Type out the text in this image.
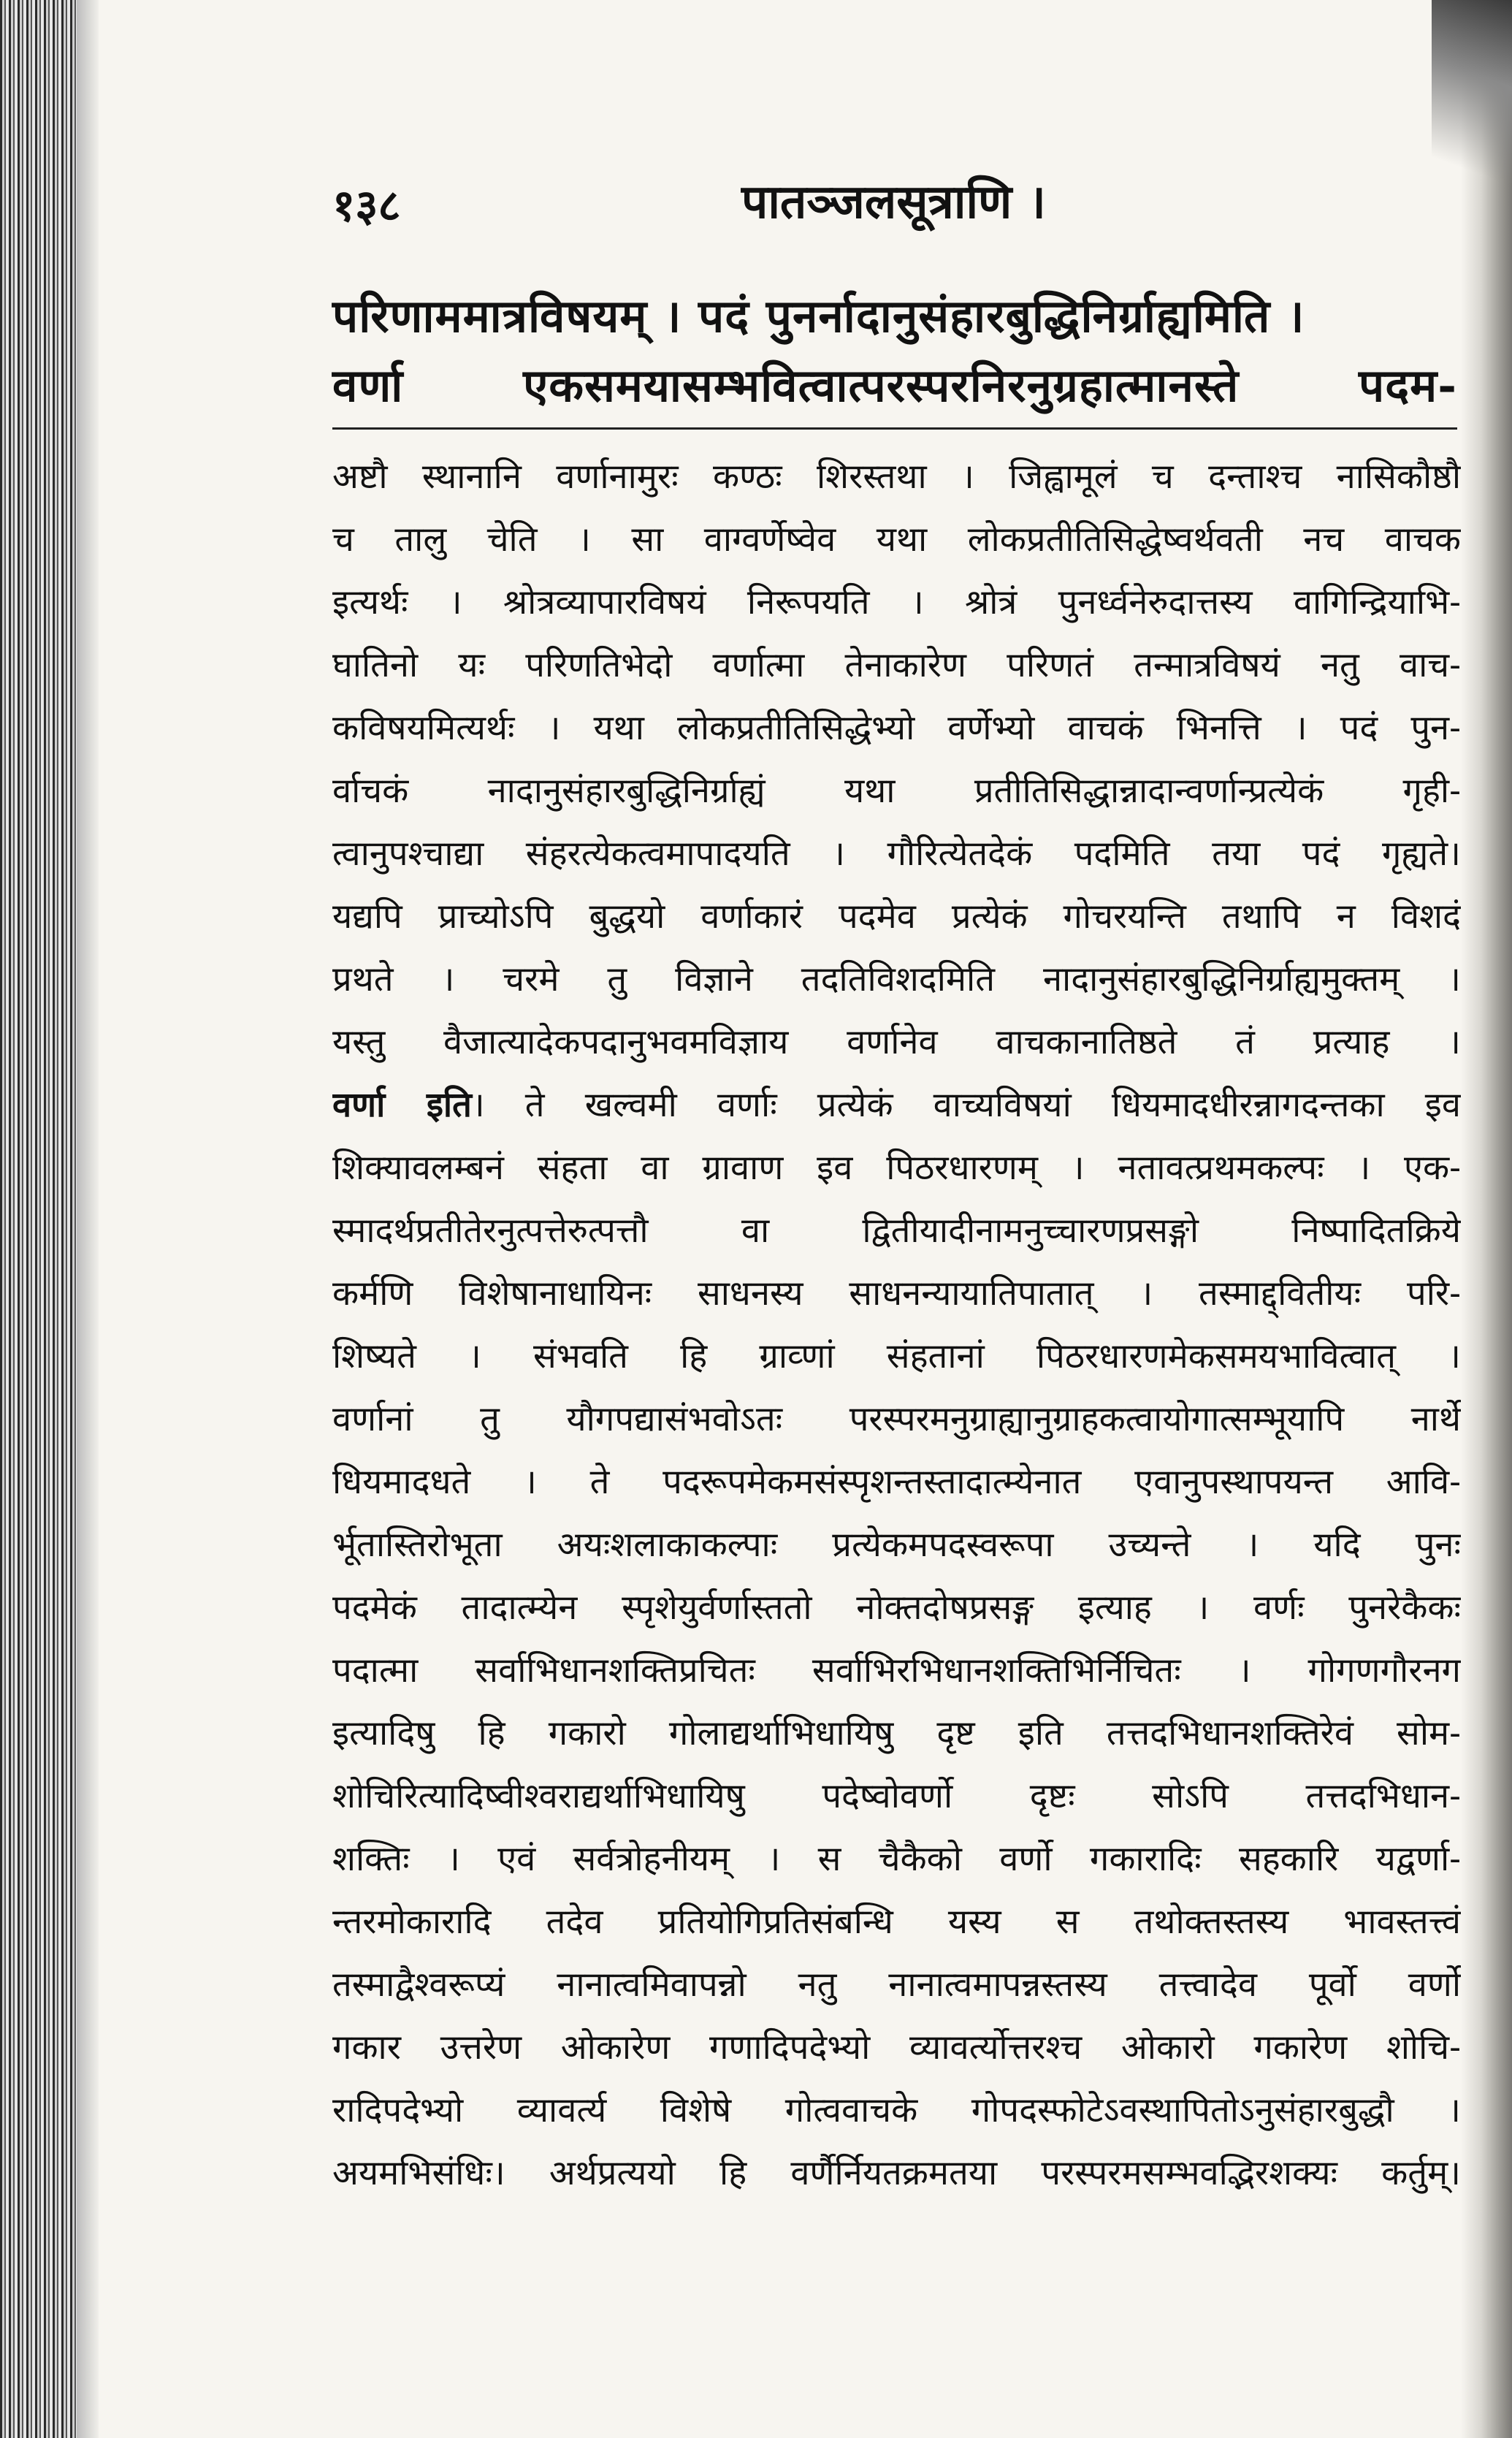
१३८	पातञ्जलसूत्राणि ।
परिणाममात्रविषयम् । पदं पुनर्नादानुसंहारबुद्धिनिर्ग्राह्यमिति ।
वर्णा	एकसमयासम्भवित्वात्परस्परनिरनुग्रहात्मानस्ते	पदम-
अष्टौ स्थानानि वर्णानामुरः कण्ठः शिरस्तथा । जिह्वामूलं च दन्ताश्च नासिकौष्ठौ
च तालु चेति । सा वाग्वर्णेष्वेव यथा लोकप्रतीतिसिद्धेष्वर्थवती नच वाचक
इत्यर्थः । श्रोत्रव्यापारविषयं निरूपयति । श्रोत्रं पुनर्ध्वनेरुदात्तस्य वागिन्द्रियाभि-
घातिनो यः परिणतिभेदो वर्णात्मा तेनाकारेण परिणतं तन्मात्रविषयं नतु वाच-
कविषयमित्यर्थः । यथा लोकप्रतीतिसिद्धेभ्यो वर्णेभ्यो वाचकं भिनत्ति । पदं पुन-
र्वाचकं नादानुसंहारबुद्धिनिर्ग्राह्यं यथा प्रतीतिसिद्धान्नादान्वर्णान्प्रत्येकं गृही-
त्वानुपश्चाद्या संहरत्येकत्वमापादयति । गौरित्येतदेकं पदमिति तया पदं गृह्यते।
यद्यपि प्राच्योऽपि बुद्धयो वर्णाकारं पदमेव प्रत्येकं गोचरयन्ति तथापि न विशदं
प्रथते । चरमे तु विज्ञाने तदतिविशदमिति नादानुसंहारबुद्धिनिर्ग्राह्यमुक्तम् ।
यस्तु वैजात्यादेकपदानुभवमविज्ञाय वर्णानेव वाचकानातिष्ठते तं प्रत्याह ।
वर्णा इति। ते खल्वमी वर्णाः प्रत्येकं वाच्यविषयां धियमादधीरन्नागदन्तका इव
शिक्यावलम्बनं संहता वा ग्रावाण इव पिठरधारणम् । नतावत्प्रथमकल्पः । एक-
स्मादर्थप्रतीतेरनुत्पत्तेरुत्पत्तौ वा द्वितीयादीनामनुच्चारणप्रसङ्गो निष्पादितक्रिये
कर्मणि विशेषानाधायिनः साधनस्य साधनन्यायातिपातात् । तस्माद्द्वितीयः परि-
शिष्यते । संभवति हि ग्राव्णां संहतानां पिठरधारणमेकसमयभावित्वात् ।
वर्णानां तु यौगपद्यासंभवोऽतः परस्परमनुग्राह्यानुग्राहकत्वायोगात्सम्भूयापि नार्थे
धियमादधते । ते पदरूपमेकमसंस्पृशन्तस्तादात्म्येनात एवानुपस्थापयन्त आवि-
र्भूतास्तिरोभूता अयःशलाकाकल्पाः प्रत्येकमपदस्वरूपा उच्यन्ते । यदि पुनः
पदमेकं तादात्म्येन स्पृशेयुर्वर्णास्ततो नोक्तदोषप्रसङ्ग इत्याह । वर्णः पुनरेकैकः
पदात्मा सर्वाभिधानशक्तिप्रचितः सर्वाभिरभिधानशक्तिभिर्निचितः । गोगणगौरनग
इत्यादिषु हि गकारो गोलाद्यर्थाभिधायिषु दृष्ट इति तत्तदभिधानशक्तिरेवं सोम-
शोचिरित्यादिष्वीश्वराद्यर्थाभिधायिषु पदेष्वोवर्णो दृष्टः सोऽपि तत्तदभिधान-
शक्तिः । एवं सर्वत्रोहनीयम् । स चैकैको वर्णो गकारादिः सहकारि यद्वर्णा-
न्तरमोकारादि तदेव प्रतियोगिप्रतिसंबन्धि यस्य स तथोक्तस्तस्य भावस्तत्त्वं
तस्माद्वैश्वरूप्यं नानात्वमिवापन्नो नतु नानात्वमापन्नस्तस्य तत्त्वादेव पूर्वो वर्णो
गकार उत्तरेण ओकारेण गणादिपदेभ्यो व्यावर्त्योत्तरश्च ओकारो गकारेण शोचि-
रादिपदेभ्यो व्यावर्त्य विशेषे गोत्ववाचके गोपदस्फोटेऽवस्थापितोऽनुसंहारबुद्धौ ।
अयमभिसंधिः। अर्थप्रत्ययो हि वर्णैर्नियतक्रमतया परस्परमसम्भवद्भिरशक्यः कर्तुम्।
